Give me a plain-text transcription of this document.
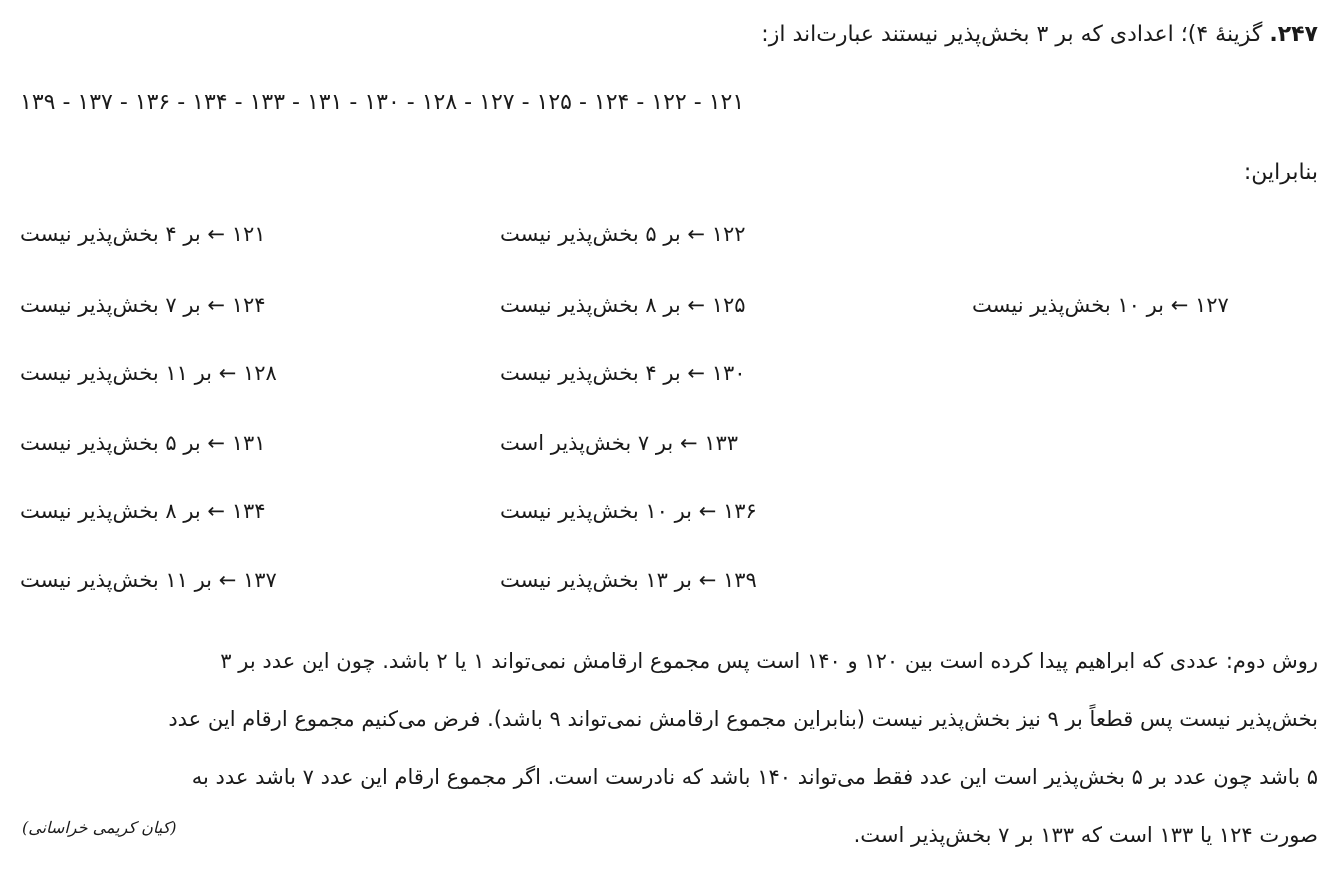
۲۴۷. گزینهٔ ۴)؛ اعدادی که بر ۳ بخش‌پذیر نیستند عبارت‌اند از:
۱۲۱ - ۱۲۲ - ۱۲۴ - ۱۲۵ - ۱۲۷ - ۱۲۸ - ۱۳۰ - ۱۳۱ - ۱۳۳ - ۱۳۴ - ۱۳۶ - ۱۳۷ - ۱۳۹
بنابراین:
۱۲۱ ← بر ۴ بخش‌پذیر نیست	۱۲۲ ← بر ۵ بخش‌پذیر نیست
۱۲۴ ← بر ۷ بخش‌پذیر نیست	۱۲۵ ← بر ۸ بخش‌پذیر نیست	۱۲۷ ← بر ۱۰ بخش‌پذیر نیست
۱۲۸ ← بر ۱۱ بخش‌پذیر نیست	۱۳۰ ← بر ۴ بخش‌پذیر نیست
۱۳۱ ← بر ۵ بخش‌پذیر نیست	۱۳۳ ← بر ۷ بخش‌پذیر است
۱۳۴ ← بر ۸ بخش‌پذیر نیست	۱۳۶ ← بر ۱۰ بخش‌پذیر نیست
۱۳۷ ← بر ۱۱ بخش‌پذیر نیست	۱۳۹ ← بر ۱۳ بخش‌پذیر نیست
روش دوم: عددی که ابراهیم پیدا کرده است بین ۱۲۰ و ۱۴۰ است پس مجموع ارقامش نمی‌تواند ۱ یا ۲ باشد. چون این عدد بر ۳
بخش‌پذیر نیست پس قطعاً بر ۹ نیز بخش‌پذیر نیست (بنابراین مجموع ارقامش نمی‌تواند ۹ باشد). فرض می‌کنیم مجموع ارقام این عدد
۵ باشد چون عدد بر ۵ بخش‌پذیر است این عدد فقط می‌تواند ۱۴۰ باشد که نادرست است. اگر مجموع ارقام این عدد ۷ باشد عدد به
صورت ۱۲۴ یا ۱۳۳ است که ۱۳۳ بر ۷ بخش‌پذیر است.
(کیان کریمی خراسانی)
